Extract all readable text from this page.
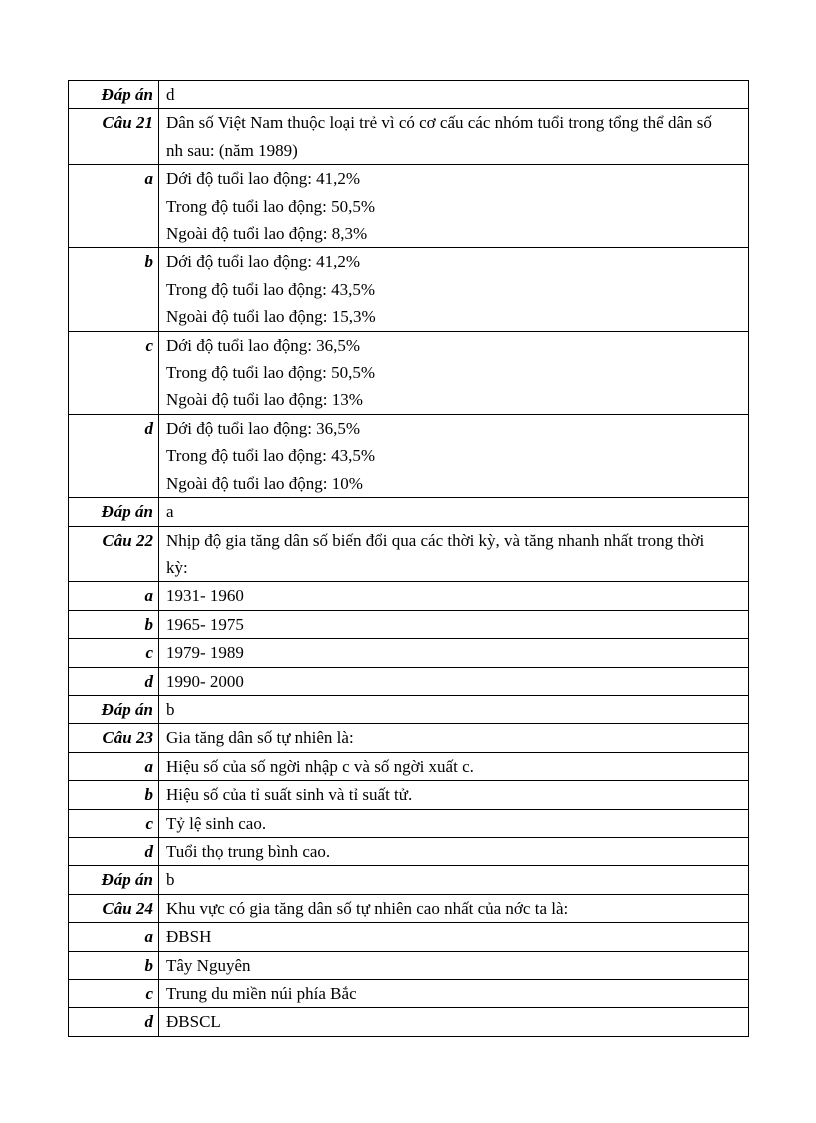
Đáp án	d

Câu 21	Dân số Việt Nam thuộc loại trẻ vì có cơ cấu các nhóm tuổi trong tổng thể dân số nh sau: (năm 1989)

a	Dới độ tuổi lao động: 41,2%
Trong độ tuổi lao động: 50,5%
Ngoài độ tuổi lao động: 8,3%

b	Dới độ tuổi lao động: 41,2%
Trong độ tuổi lao động: 43,5%
Ngoài độ tuổi lao động: 15,3%

c	Dới độ tuổi lao động: 36,5%
Trong độ tuổi lao động: 50,5%
Ngoài độ tuổi lao động: 13%

d	Dới độ tuổi lao động: 36,5%
Trong độ tuổi lao động: 43,5%
Ngoài độ tuổi lao động: 10%

Đáp án	a

Câu 22	Nhịp độ gia tăng dân số biến đổi qua các thời kỳ, và tăng nhanh nhất trong thời kỳ:

a	1931- 1960

b	1965- 1975

c	1979- 1989

d	1990- 2000

Đáp án	b

Câu 23	Gia tăng dân số tự nhiên là:

a	Hiệu số của số ngời nhập c và số ngời xuất c.

b	Hiệu số của tỉ suất sinh và tỉ suất tử.

c	Tỷ lệ sinh cao.

d	Tuổi thọ trung bình cao.

Đáp án	b

Câu 24	Khu vực có gia tăng dân số tự nhiên cao nhất của nớc ta là:

a	ĐBSH

b	Tây Nguyên

c	Trung du miền núi phía Bắc

d	ĐBSCL
